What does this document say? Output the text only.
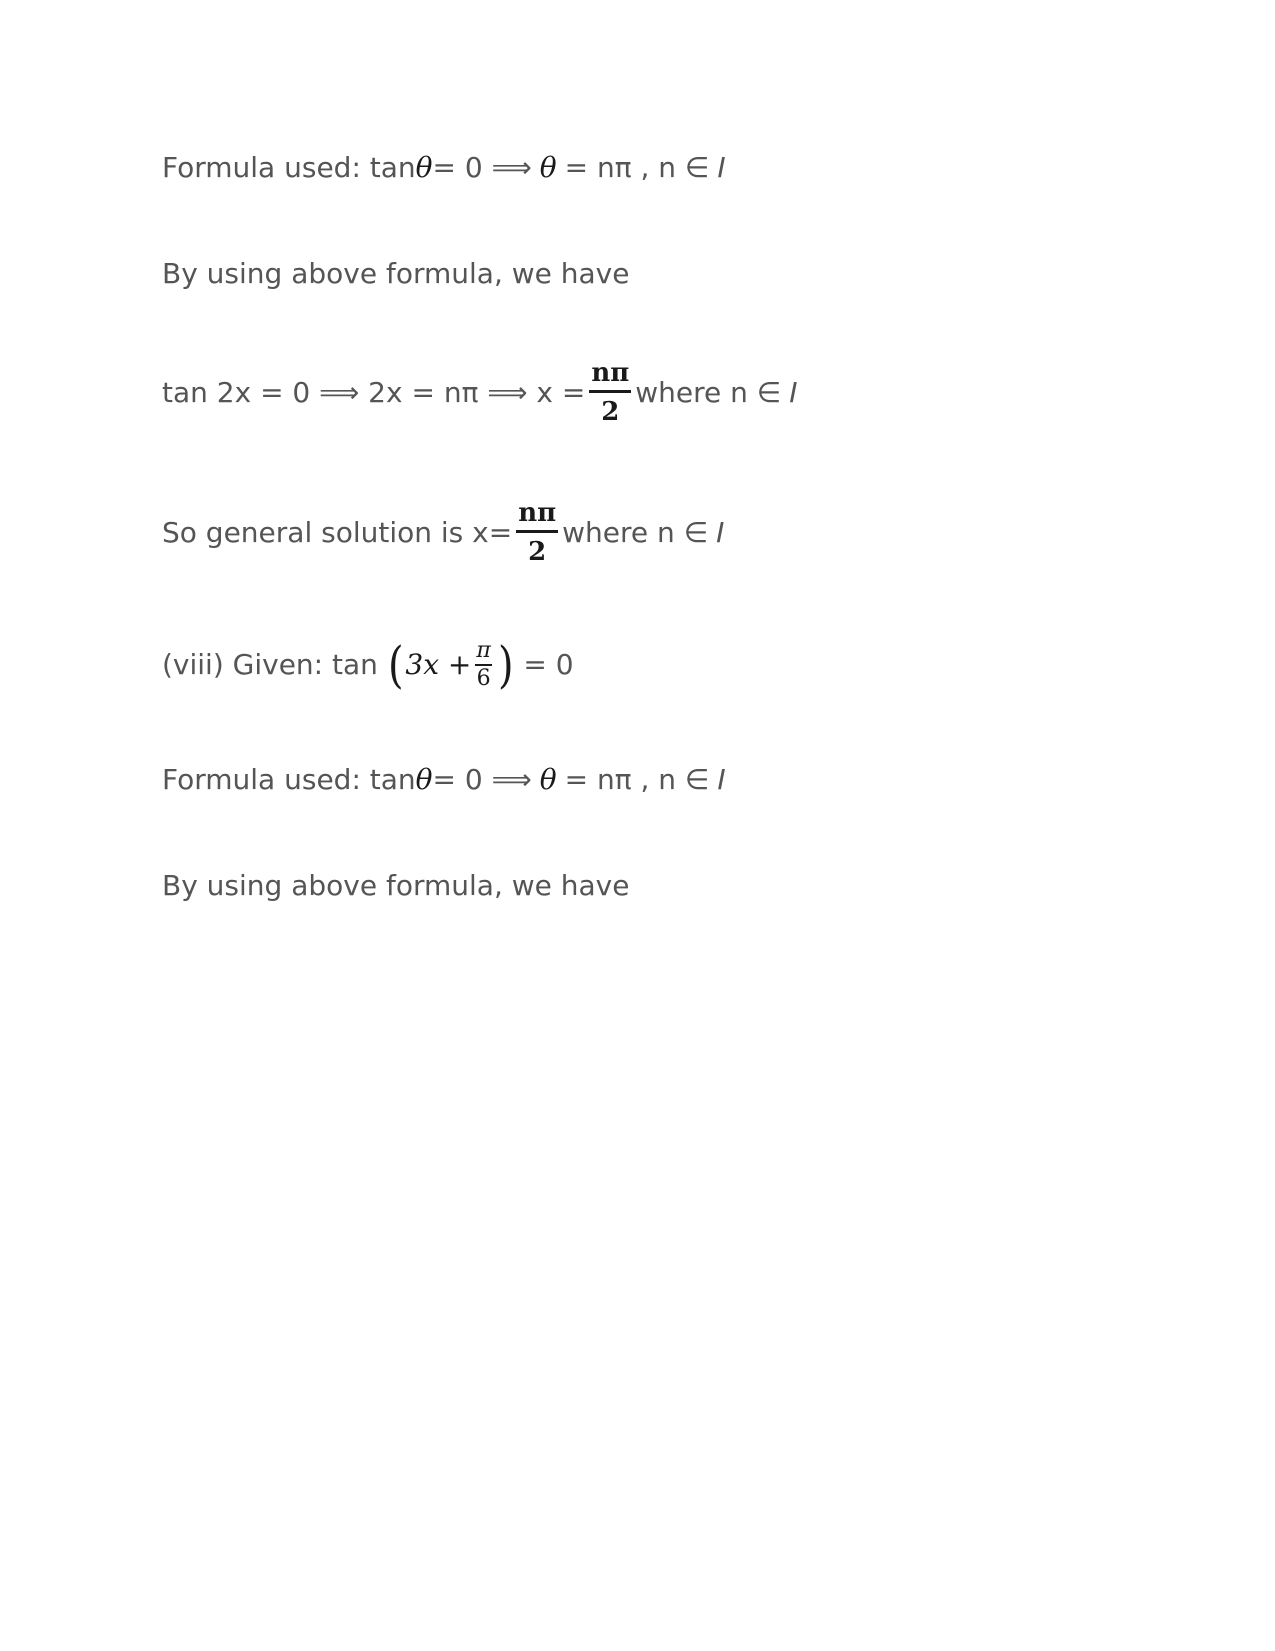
Formula used: tan θ = 0 ⟹ θ = nπ , n ∈ I
By using above formula, we have
tan 2x = 0 ⟹ 2x = nπ ⟹ $x = \frac{n\pi}{2}$ where n ∈ I
So general solution is $x= \frac{n\pi}{2}$ where n ∈ I
(viii) Given: tan ( $3x + \frac{\pi}{6}$ ) = 0
Formula used: tan θ = 0 ⟹ θ = nπ , n ∈ I
By using above formula, we have
